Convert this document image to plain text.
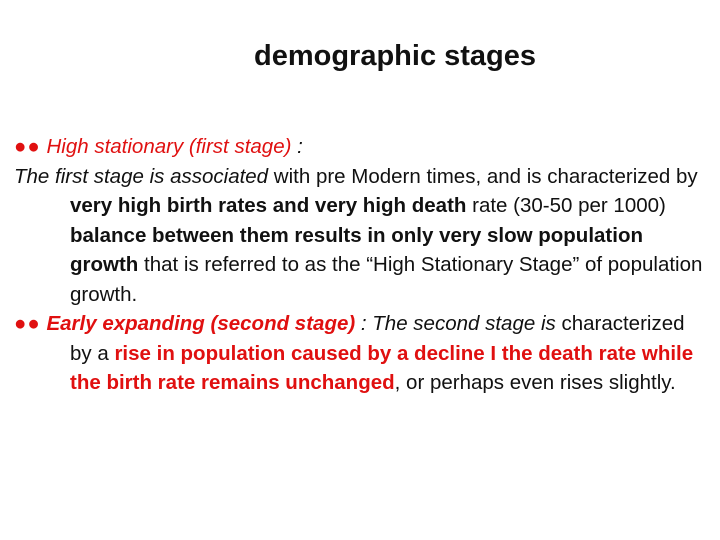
demographic stages

●● High stationary (first stage) :

The first stage is associated with pre Modern times, and is characterized by very high birth rates and very high death rate (30-50 per 1000) balance between them results in only very slow population growth that is referred to as the “High Stationary Stage” of population growth.

●● Early expanding (second stage) : The second stage is characterized by a rise in population caused by a decline I the death rate while the birth rate remains unchanged, or perhaps even rises slightly.
